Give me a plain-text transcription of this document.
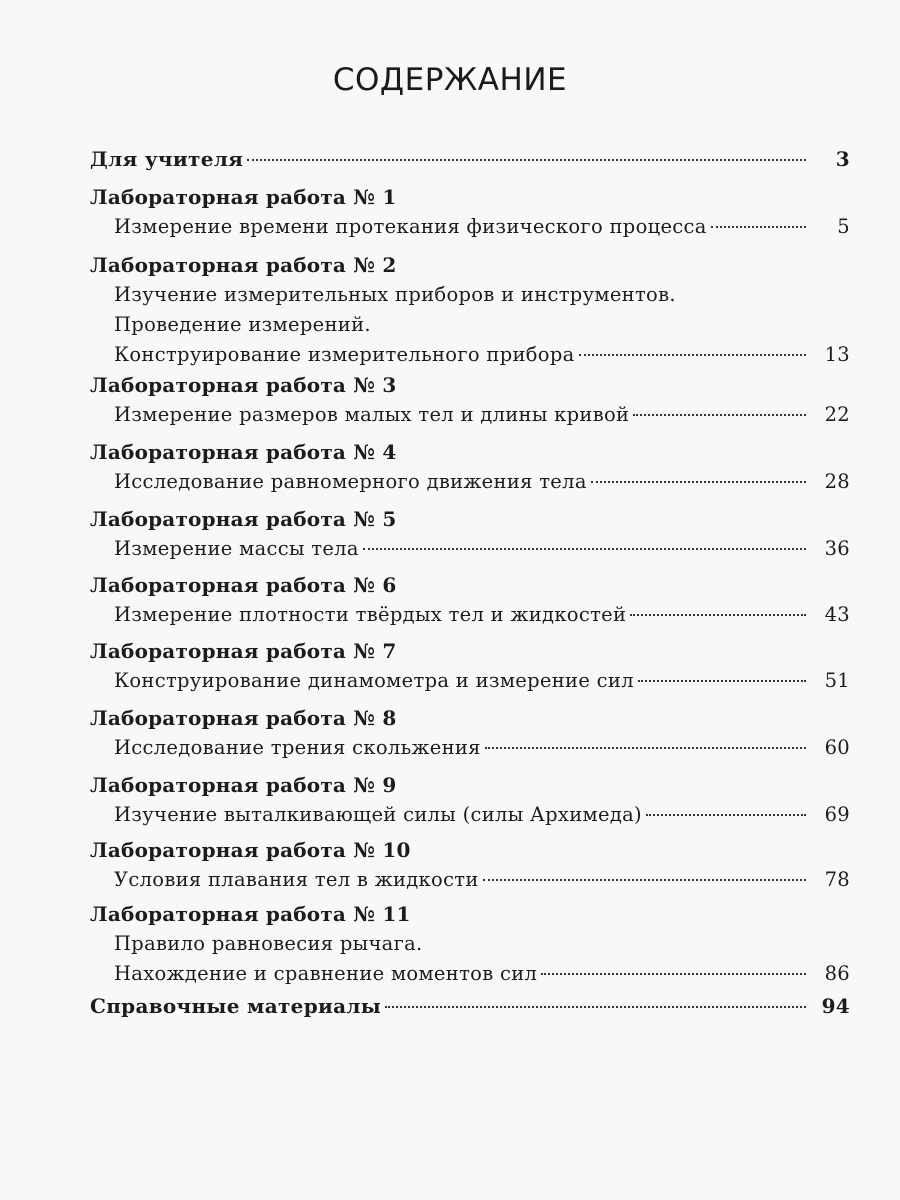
СОДЕРЖАНИЕ
Для учителя	3
Лабораторная работа № 1
Измерение времени протекания физического процесса	5
Лабораторная работа № 2
Изучение измерительных приборов и инструментов.
Проведение измерений.
Конструирование измерительного прибора	13
Лабораторная работа № 3
Измерение размеров малых тел и длины кривой	22
Лабораторная работа № 4
Исследование равномерного движения тела	28
Лабораторная работа № 5
Измерение массы тела	36
Лабораторная работа № 6
Измерение плотности твёрдых тел и жидкостей	43
Лабораторная работа № 7
Конструирование динамометра и измерение сил	51
Лабораторная работа № 8
Исследование трения скольжения	60
Лабораторная работа № 9
Изучение выталкивающей силы (силы Архимеда)	69
Лабораторная работа № 10
Условия плавания тел в жидкости	78
Лабораторная работа № 11
Правило равновесия рычага.
Нахождение и сравнение моментов сил	86
Справочные материалы	94
